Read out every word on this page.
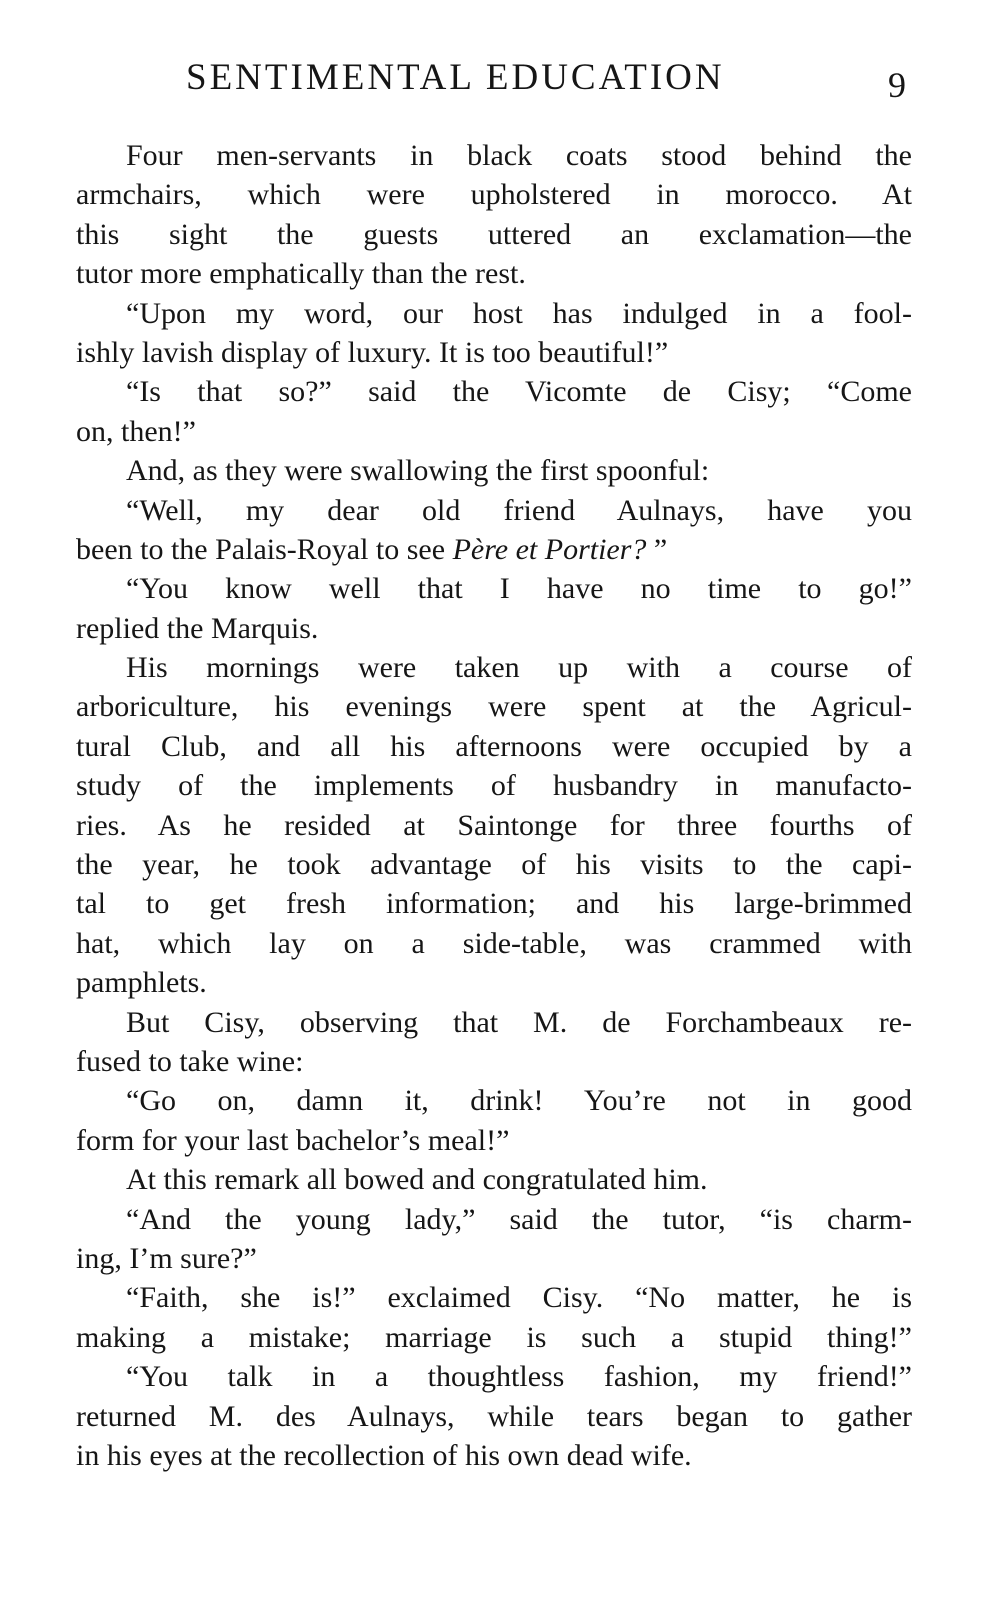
SENTIMENTAL EDUCATION	9
Four men-servants in black coats stood behind the
armchairs, which were upholstered in morocco. At
this sight the guests uttered an exclamation—the
tutor more emphatically than the rest.
“Upon my word, our host has indulged in a fool-
ishly lavish display of luxury. It is too beautiful!”
“Is that so?” said the Vicomte de Cisy; “Come
on, then!”
And, as they were swallowing the first spoonful:
“Well, my dear old friend Aulnays, have you
been to the Palais-Royal to see Père et Portier? ”
“You know well that I have no time to go!”
replied the Marquis.
His mornings were taken up with a course of
arboriculture, his evenings were spent at the Agricul-
tural Club, and all his afternoons were occupied by a
study of the implements of husbandry in manufacto-
ries. As he resided at Saintonge for three fourths of
the year, he took advantage of his visits to the capi-
tal to get fresh information; and his large-brimmed
hat, which lay on a side-table, was crammed with
pamphlets.
But Cisy, observing that M. de Forchambeaux re-
fused to take wine:
“Go on, damn it, drink! You’re not in good
form for your last bachelor’s meal!”
At this remark all bowed and congratulated him.
“And the young lady,” said the tutor, “is charm-
ing, I’m sure?”
“Faith, she is!” exclaimed Cisy. “No matter, he is
making a mistake; marriage is such a stupid thing!”
“You talk in a thoughtless fashion, my friend!”
returned M. des Aulnays, while tears began to gather
in his eyes at the recollection of his own dead wife.
